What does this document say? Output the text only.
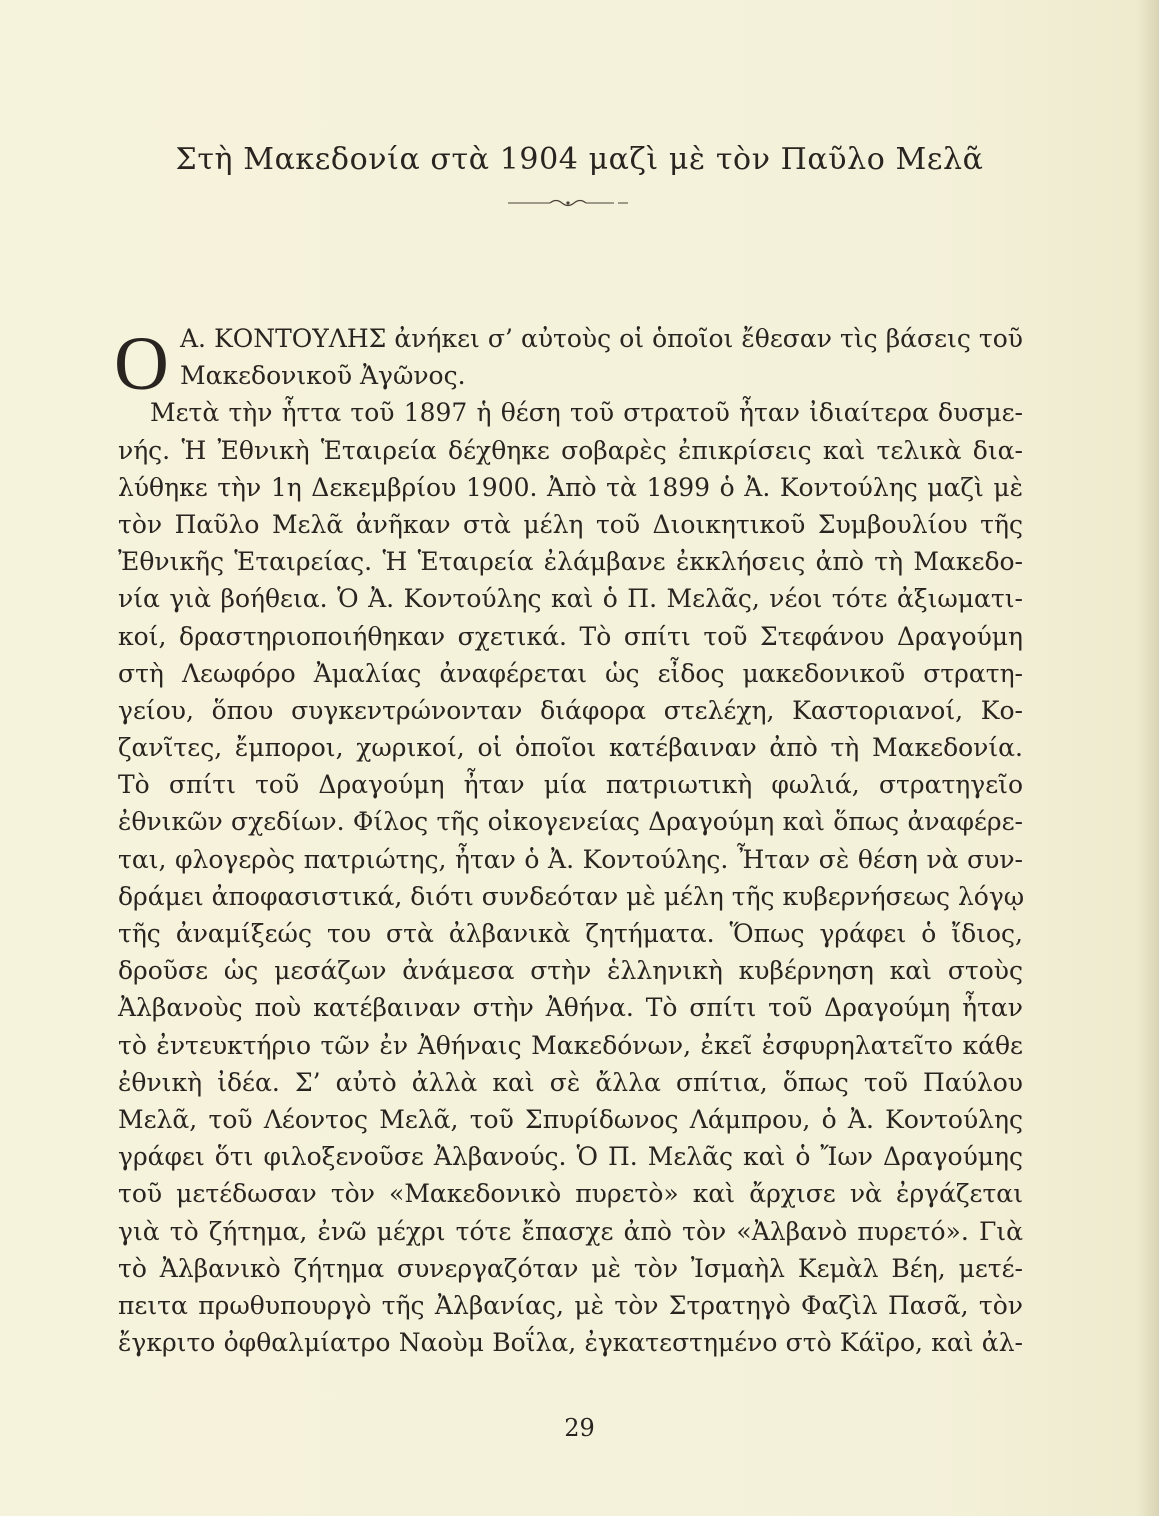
Στὴ Μακεδονία στὰ 1904 μαζὶ μὲ τὸν Παῦλο Μελᾶ
O Α. ΚΟΝΤΟΥΛΗΣ ἀνήκει σ’ αὐτοὺς οἱ ὁποῖοι ἔθεσαν τὶς βάσεις τοῦ
Μακεδονικοῦ Ἀγῶνος.
Μετὰ τὴν ἧττα τοῦ 1897 ἡ θέση τοῦ στρατοῦ ἦταν ἰδιαίτερα δυσμε-
νής. Ἡ Ἐθνικὴ Ἑταιρεία δέχθηκε σοβαρὲς ἐπικρίσεις καὶ τελικὰ δια-
λύθηκε τὴν 1η Δεκεμβρίου 1900. Ἀπὸ τὰ 1899 ὁ Ἀ. Κοντούλης μαζὶ μὲ
τὸν Παῦλο Μελᾶ ἀνῆκαν στὰ μέλη τοῦ Διοικητικοῦ Συμβουλίου τῆς
Ἐθνικῆς Ἑταιρείας. Ἡ Ἑταιρεία ἐλάμβανε ἐκκλήσεις ἀπὸ τὴ Μακεδο-
νία γιὰ βοήθεια. Ὁ Ἀ. Κοντούλης καὶ ὁ Π. Μελᾶς, νέοι τότε ἀξιωματι-
κοί, δραστηριοποιήθηκαν σχετικά. Τὸ σπίτι τοῦ Στεφάνου Δραγούμη
στὴ Λεωφόρο Ἀμαλίας ἀναφέρεται ὡς εἶδος μακεδονικοῦ στρατη-
γείου, ὅπου συγκεντρώνονταν διάφορα στελέχη, Καστοριανοί, Κο-
ζανῖτες, ἔμποροι, χωρικοί, οἱ ὁποῖοι κατέβαιναν ἀπὸ τὴ Μακεδονία.
Τὸ σπίτι τοῦ Δραγούμη ἦταν μία πατριωτικὴ φωλιά, στρατηγεῖο
ἐθνικῶν σχεδίων. Φίλος τῆς οἰκογενείας Δραγούμη καὶ ὅπως ἀναφέρε-
ται, φλογερὸς πατριώτης, ἦταν ὁ Ἀ. Κοντούλης. Ἦταν σὲ θέση νὰ συν-
δράμει ἀποφασιστικά, διότι συνδεόταν μὲ μέλη τῆς κυβερνήσεως λόγῳ
τῆς ἀναμίξεώς του στὰ ἀλβανικὰ ζητήματα. Ὅπως γράφει ὁ ἴδιος,
δροῦσε ὡς μεσάζων ἀνάμεσα στὴν ἑλληνικὴ κυβέρνηση καὶ στοὺς
Ἀλβανοὺς ποὺ κατέβαιναν στὴν Ἀθήνα. Τὸ σπίτι τοῦ Δραγούμη ἦταν
τὸ ἐντευκτήριο τῶν ἐν Ἀθήναις Μακεδόνων, ἐκεῖ ἐσφυρηλατεῖτο κάθε
ἐθνικὴ ἰδέα. Σ’ αὐτὸ ἀλλὰ καὶ σὲ ἄλλα σπίτια, ὅπως τοῦ Παύλου
Μελᾶ, τοῦ Λέοντος Μελᾶ, τοῦ Σπυρίδωνος Λάμπρου, ὁ Ἀ. Κοντούλης
γράφει ὅτι φιλοξενοῦσε Ἀλβανούς. Ὁ Π. Μελᾶς καὶ ὁ Ἴων Δραγούμης
τοῦ μετέδωσαν τὸν «Μακεδονικὸ πυρετὸ» καὶ ἄρχισε νὰ ἐργάζεται
γιὰ τὸ ζήτημα, ἐνῶ μέχρι τότε ἔπασχε ἀπὸ τὸν «Ἀλβανὸ πυρετό». Γιὰ
τὸ Ἀλβανικὸ ζήτημα συνεργαζόταν μὲ τὸν Ἰσμαὴλ Κεμὰλ Βέη, μετέ-
πειτα πρωθυπουργὸ τῆς Ἀλβανίας, μὲ τὸν Στρατηγὸ Φαζὶλ Πασᾶ, τὸν
ἔγκριτο ὀφθαλμίατρο Ναοὺμ Βοΐλα, ἐγκατεστημένο στὸ Κάϊρο, καὶ ἀλ-
29
